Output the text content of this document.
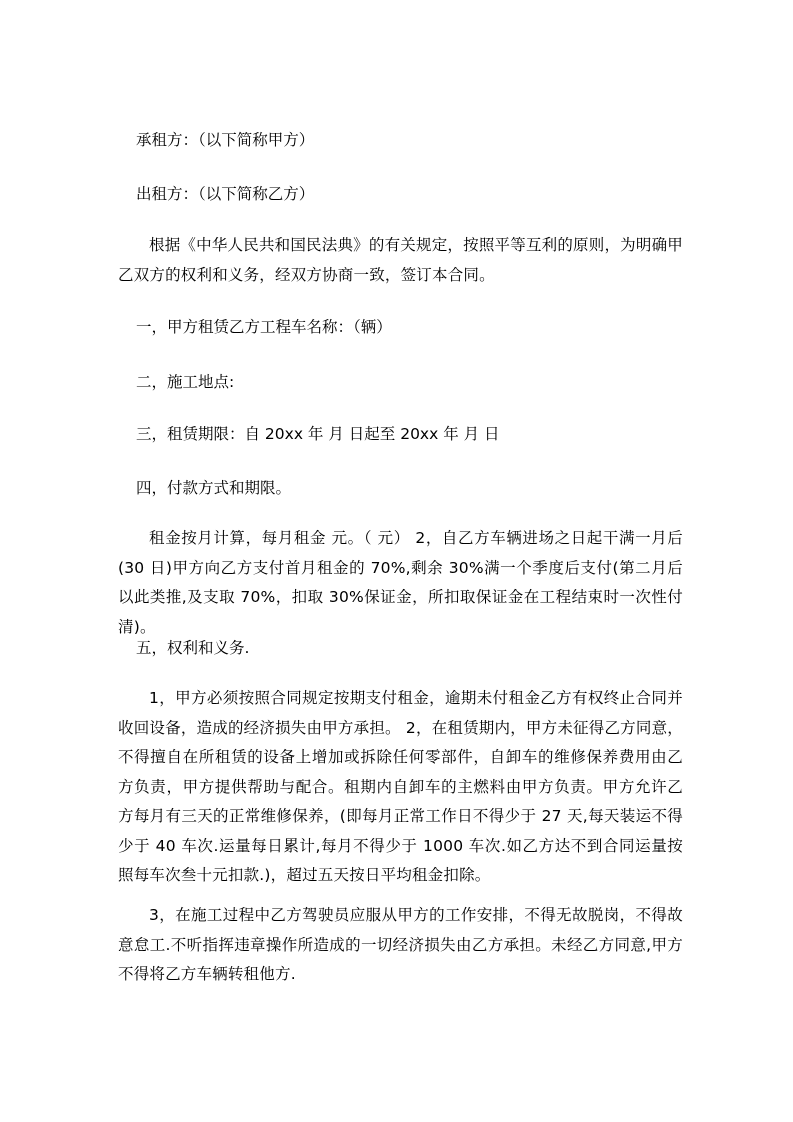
承租方：（以下简称甲方）

出租方：（以下简称乙方）

根据《中华人民共和国民法典》的有关规定，按照平等互利的原则，为明确甲乙双方的权利和义务，经双方协商一致，签订本合同。

一，甲方租赁乙方工程车名称：（辆）

二，施工地点:

三，租赁期限：自 20xx 年 月 日起至 20xx 年 月 日

四，付款方式和期限。

租金按月计算，每月租金 元。（ 元） 2，自乙方车辆进场之日起干满一月后(30 日)甲方向乙方支付首月租金的 70%,剩余 30%满一个季度后支付(第二月后以此类推,及支取 70%，扣取 30%保证金，所扣取保证金在工程结束时一次性付清)。

五，权利和义务.

1，甲方必须按照合同规定按期支付租金，逾期未付租金乙方有权终止合同并收回设备，造成的经济损失由甲方承担。 2，在租赁期内，甲方未征得乙方同意，不得擅自在所租赁的设备上增加或拆除任何零部件，自卸车的维修保养费用由乙方负责，甲方提供帮助与配合。租期内自卸车的主燃料由甲方负责。甲方允许乙方每月有三天的正常维修保养，(即每月正常工作日不得少于 27 天,每天装运不得少于 40 车次.运量每日累计,每月不得少于 1000 车次.如乙方达不到合同运量按照每车次叁十元扣款.)，超过五天按日平均租金扣除。

3，在施工过程中乙方驾驶员应服从甲方的工作安排，不得无故脱岗，不得故意怠工.不听指挥违章操作所造成的一切经济损失由乙方承担。未经乙方同意,甲方不得将乙方车辆转租他方.
